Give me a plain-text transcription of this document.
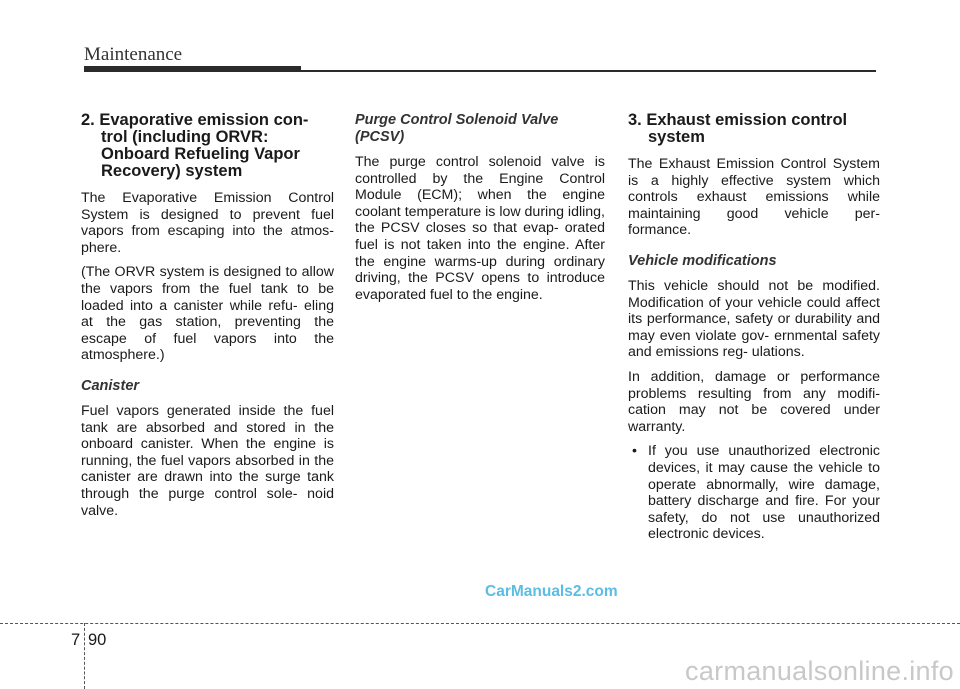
Maintenance
2. Evaporative emission con- trol (including ORVR: Onboard Refueling Vapor Recovery) system

The Evaporative Emission Control System is designed to prevent fuel vapors from escaping into the atmos- phere.

(The ORVR system is designed to allow the vapors from the fuel tank to be loaded into a canister while refu- eling at the gas station, preventing the escape of fuel vapors into the atmosphere.)

Canister

Fuel vapors generated inside the fuel tank are absorbed and stored in the onboard canister. When the engine is running, the fuel vapors absorbed in the canister are drawn into the surge tank through the purge control sole- noid valve.

Purge Control Solenoid Valve (PCSV)

The purge control solenoid valve is controlled by the Engine Control Module (ECM); when the engine coolant temperature is low during idling, the PCSV closes so that evap- orated fuel is not taken into the engine. After the engine warms-up during ordinary driving, the PCSV opens to introduce evaporated fuel to the engine.

3. Exhaust emission control system

The Exhaust Emission Control System is a highly effective system which controls exhaust emissions while maintaining good vehicle per- formance.

Vehicle modifications

This vehicle should not be modified. Modification of your vehicle could affect its performance, safety or durability and may even violate gov- ernmental safety and emissions reg- ulations.

In addition, damage or performance problems resulting from any modifi- cation may not be covered under warranty.

• If you use unauthorized electronic devices, it may cause the vehicle to operate abnormally, wire damage, battery discharge and fire. For your safety, do not use unauthorized electronic devices.
CarManuals2.com
7 90
carmanualsonline.info
